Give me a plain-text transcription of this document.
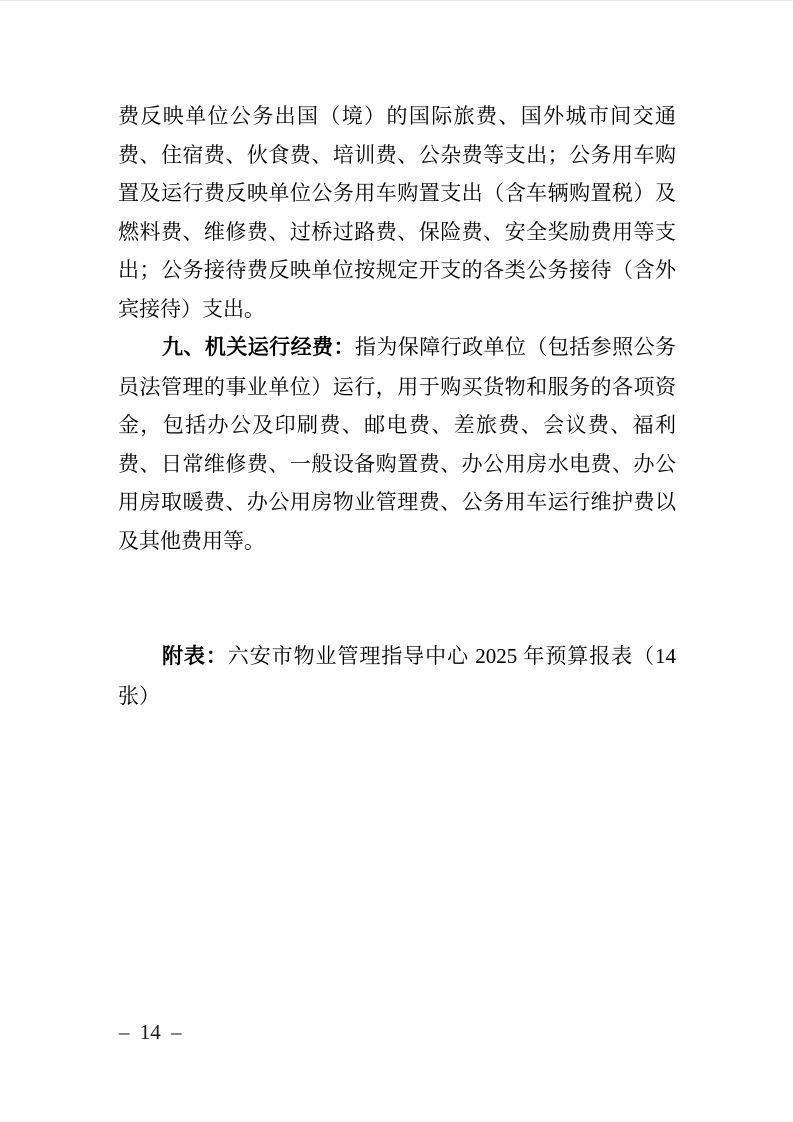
费反映单位公务出国（境）的国际旅费、国外城市间交通费、住宿费、伙食费、培训费、公杂费等支出；公务用车购置及运行费反映单位公务用车购置支出（含车辆购置税）及燃料费、维修费、过桥过路费、保险费、安全奖励费用等支出；公务接待费反映单位按规定开支的各类公务接待（含外宾接待）支出。

九、机关运行经费：指为保障行政单位（包括参照公务员法管理的事业单位）运行，用于购买货物和服务的各项资金，包括办公及印刷费、邮电费、差旅费、会议费、福利费、日常维修费、一般设备购置费、办公用房水电费、办公用房取暖费、办公用房物业管理费、公务用车运行维护费以及其他费用等。

附表：六安市物业管理指导中心 2025 年预算报表（14 张）

– 14 –
